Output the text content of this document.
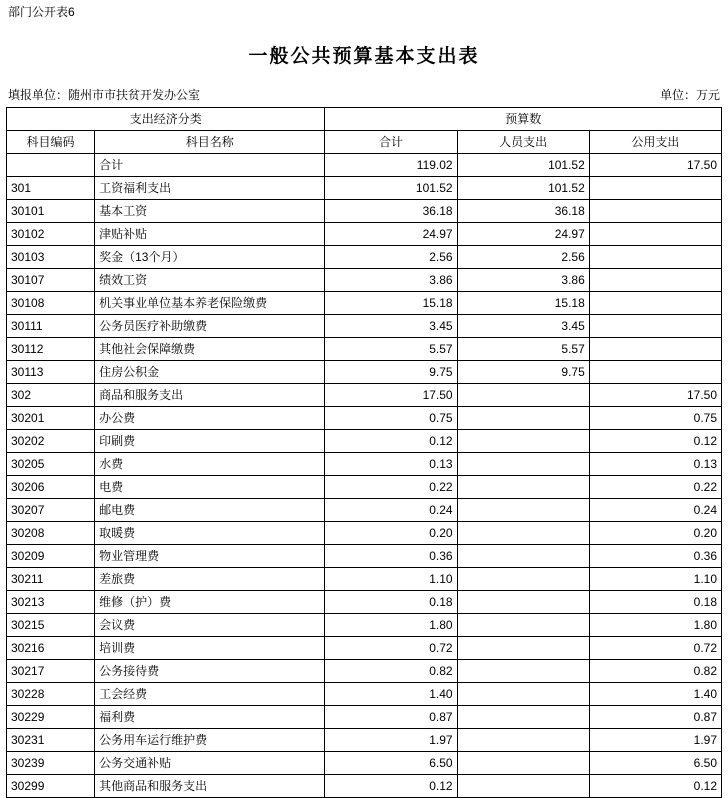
部门公开表6
一般公共预算基本支出表
填报单位：随州市市扶贫开发办公室	单位：万元
支出经济分类		预算数		
科目编码	科目名称	合计	人员支出	公用支出
	合计	119.02	101.52	17.50
301	工资福利支出	101.52	101.52	
30101	基本工资	36.18	36.18	
30102	津贴补贴	24.97	24.97	
30103	奖金（13个月）	2.56	2.56	
30107	绩效工资	3.86	3.86	
30108	机关事业单位基本养老保险缴费	15.18	15.18	
30111	公务员医疗补助缴费	3.45	3.45	
30112	其他社会保障缴费	5.57	5.57	
30113	住房公积金	9.75	9.75	
302	商品和服务支出	17.50		17.50
30201	办公费	0.75		0.75
30202	印刷费	0.12		0.12
30205	水费	0.13		0.13
30206	电费	0.22		0.22
30207	邮电费	0.24		0.24
30208	取暖费	0.20		0.20
30209	物业管理费	0.36		0.36
30211	差旅费	1.10		1.10
30213	维修（护）费	0.18		0.18
30215	会议费	1.80		1.80
30216	培训费	0.72		0.72
30217	公务接待费	0.82		0.82
30228	工会经费	1.40		1.40
30229	福利费	0.87		0.87
30231	公务用车运行维护费	1.97		1.97
30239	公务交通补贴	6.50		6.50
30299	其他商品和服务支出	0.12		0.12
